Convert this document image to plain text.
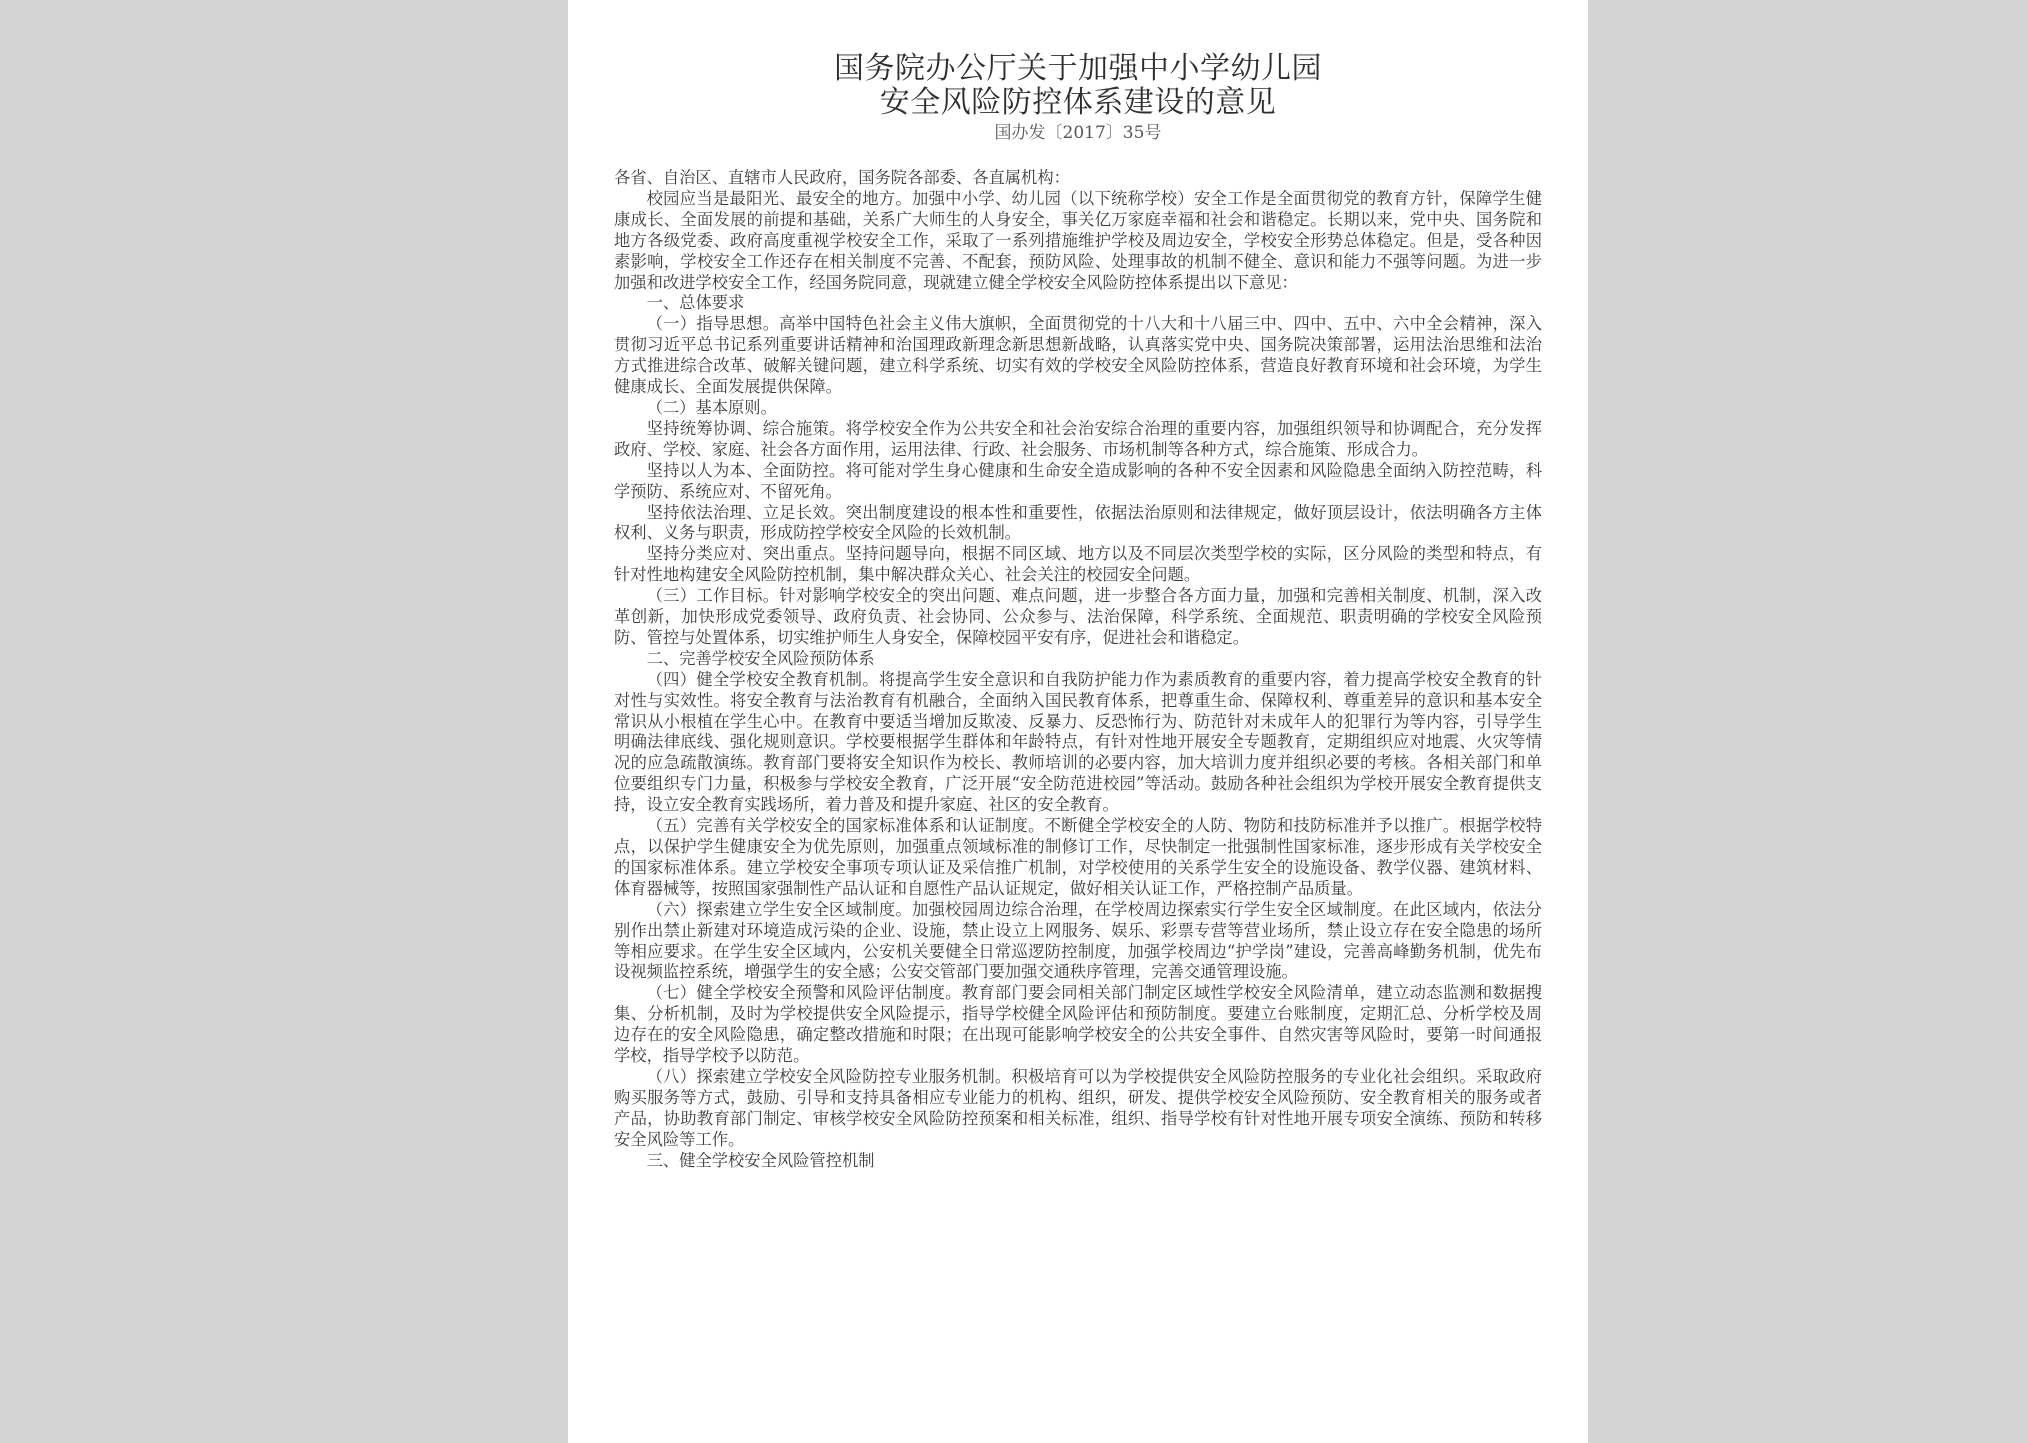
国务院办公厅关于加强中小学幼儿园
安全风险防控体系建设的意见
国办发〔2017〕35号

各省、自治区、直辖市人民政府，国务院各部委、各直属机构：

校园应当是最阳光、最安全的地方。加强中小学、幼儿园（以下统称学校）安全工作是全面贯彻党的教育方针，保障学生健康成长、全面发展的前提和基础，关系广大师生的人身安全，事关亿万家庭幸福和社会和谐稳定。长期以来，党中央、国务院和地方各级党委、政府高度重视学校安全工作，采取了一系列措施维护学校及周边安全，学校安全形势总体稳定。但是，受各种因素影响，学校安全工作还存在相关制度不完善、不配套，预防风险、处理事故的机制不健全、意识和能力不强等问题。为进一步加强和改进学校安全工作，经国务院同意，现就建立健全学校安全风险防控体系提出以下意见：

一、总体要求

（一）指导思想。高举中国特色社会主义伟大旗帜，全面贯彻党的十八大和十八届三中、四中、五中、六中全会精神，深入贯彻习近平总书记系列重要讲话精神和治国理政新理念新思想新战略，认真落实党中央、国务院决策部署，运用法治思维和法治方式推进综合改革、破解关键问题，建立科学系统、切实有效的学校安全风险防控体系，营造良好教育环境和社会环境，为学生健康成长、全面发展提供保障。

（二）基本原则。

坚持统筹协调、综合施策。将学校安全作为公共安全和社会治安综合治理的重要内容，加强组织领导和协调配合，充分发挥政府、学校、家庭、社会各方面作用，运用法律、行政、社会服务、市场机制等各种方式，综合施策、形成合力。

坚持以人为本、全面防控。将可能对学生身心健康和生命安全造成影响的各种不安全因素和风险隐患全面纳入防控范畴，科学预防、系统应对、不留死角。

坚持依法治理、立足长效。突出制度建设的根本性和重要性，依据法治原则和法律规定，做好顶层设计，依法明确各方主体权利、义务与职责，形成防控学校安全风险的长效机制。

坚持分类应对、突出重点。坚持问题导向，根据不同区域、地方以及不同层次类型学校的实际，区分风险的类型和特点，有针对性地构建安全风险防控机制，集中解决群众关心、社会关注的校园安全问题。

（三）工作目标。针对影响学校安全的突出问题、难点问题，进一步整合各方面力量，加强和完善相关制度、机制，深入改革创新，加快形成党委领导、政府负责、社会协同、公众参与、法治保障，科学系统、全面规范、职责明确的学校安全风险预防、管控与处置体系，切实维护师生人身安全，保障校园平安有序，促进社会和谐稳定。

二、完善学校安全风险预防体系

（四）健全学校安全教育机制。将提高学生安全意识和自我防护能力作为素质教育的重要内容，着力提高学校安全教育的针对性与实效性。将安全教育与法治教育有机融合，全面纳入国民教育体系，把尊重生命、保障权利、尊重差异的意识和基本安全常识从小根植在学生心中。在教育中要适当增加反欺凌、反暴力、反恐怖行为、防范针对未成年人的犯罪行为等内容，引导学生明确法律底线、强化规则意识。学校要根据学生群体和年龄特点，有针对性地开展安全专题教育，定期组织应对地震、火灾等情况的应急疏散演练。教育部门要将安全知识作为校长、教师培训的必要内容，加大培训力度并组织必要的考核。各相关部门和单位要组织专门力量，积极参与学校安全教育，广泛开展“安全防范进校园”等活动。鼓励各种社会组织为学校开展安全教育提供支持，设立安全教育实践场所，着力普及和提升家庭、社区的安全教育。

（五）完善有关学校安全的国家标准体系和认证制度。不断健全学校安全的人防、物防和技防标准并予以推广。根据学校特点，以保护学生健康安全为优先原则，加强重点领域标准的制修订工作，尽快制定一批强制性国家标准，逐步形成有关学校安全的国家标准体系。建立学校安全事项专项认证及采信推广机制，对学校使用的关系学生安全的设施设备、教学仪器、建筑材料、体育器械等，按照国家强制性产品认证和自愿性产品认证规定，做好相关认证工作，严格控制产品质量。

（六）探索建立学生安全区域制度。加强校园周边综合治理，在学校周边探索实行学生安全区域制度。在此区域内，依法分别作出禁止新建对环境造成污染的企业、设施，禁止设立上网服务、娱乐、彩票专营等营业场所，禁止设立存在安全隐患的场所等相应要求。在学生安全区域内，公安机关要健全日常巡逻防控制度，加强学校周边“护学岗”建设，完善高峰勤务机制，优先布设视频监控系统，增强学生的安全感；公安交管部门要加强交通秩序管理，完善交通管理设施。

（七）健全学校安全预警和风险评估制度。教育部门要会同相关部门制定区域性学校安全风险清单，建立动态监测和数据搜集、分析机制，及时为学校提供安全风险提示，指导学校健全风险评估和预防制度。要建立台账制度，定期汇总、分析学校及周边存在的安全风险隐患，确定整改措施和时限；在出现可能影响学校安全的公共安全事件、自然灾害等风险时，要第一时间通报学校，指导学校予以防范。

（八）探索建立学校安全风险防控专业服务机制。积极培育可以为学校提供安全风险防控服务的专业化社会组织。采取政府购买服务等方式，鼓励、引导和支持具备相应专业能力的机构、组织，研发、提供学校安全风险预防、安全教育相关的服务或者产品，协助教育部门制定、审核学校安全风险防控预案和相关标准，组织、指导学校有针对性地开展专项安全演练、预防和转移安全风险等工作。

三、健全学校安全风险管控机制
